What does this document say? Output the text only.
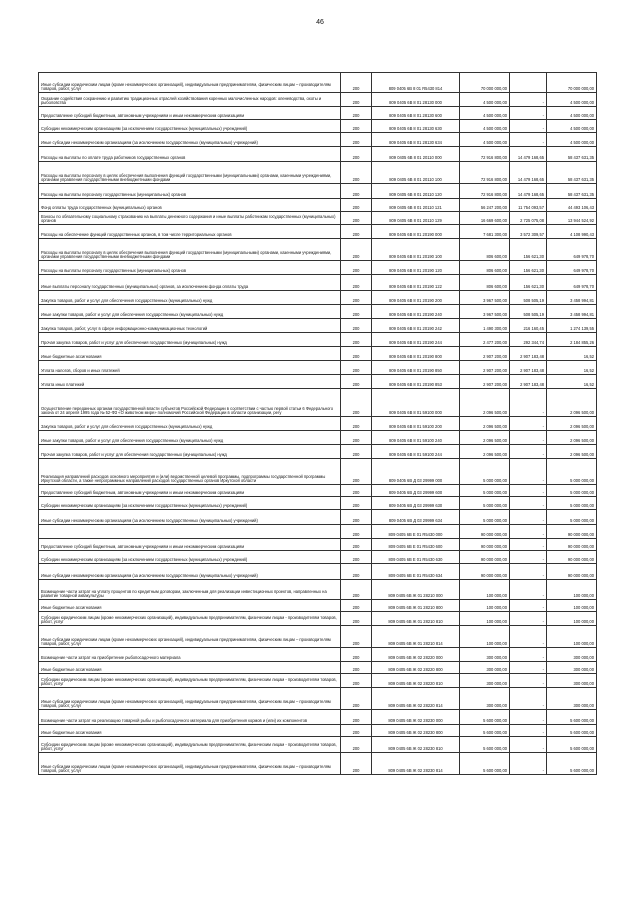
46
Иные субсидии юридическим лицам (кроме некоммерческих организаций), индивидуальным предпринимателям, физическим лицам – производителям товаров, работ, услуг	200	809 0405 6В 8 01 R5430 814	70 000 000,00		70 000 000,00
Оказание содействия сохранению и развитию традиционных отраслей хозяйствования коренных малочисленных народов: оленеводства, охоты и рыболовства	200	809 0405 6В 8 01 28130 000	4 500 000,00	-	4 500 000,00
Предоставление субсидий бюджетным, автономным учреждениям и иным некоммерческим организациям	200	809 0405 6В 8 01 28130 600	4 500 000,00	-	4 500 000,00
Субсидии некоммерческим организациям (за исключением государственных (муниципальных) учреждений)	200	809 0405 6В 8 01 28130 630	4 500 000,00	-	4 500 000,00
Иные субсидии некоммерческим организациям (за исключением государственных (муниципальных) учреждений)	200	809 0405 6В 8 01 28130 634	4 500 000,00	-	4 500 000,00
Расходы на выплаты по оплате труда работников государственных органов	200	809 0405 6В 8 01 20110 000	72 916 800,00	14 479 168,65	58 437 631,35
Расходы на выплаты персоналу в целях обеспечения выполнения функций государственными (муниципальными) органами, казенными учреждениями, органами управления государственными внебюджетными фондами	200	809 0405 6В 8 01 20110 100	72 916 800,00	14 479 168,65	58 437 631,35
Расходы на выплаты персоналу государственных (муниципальных) органов	200	809 0405 6В 8 01 20110 120	72 916 800,00	14 479 168,65	58 437 631,35
Фонд оплаты труда государственных (муниципальных) органов	200	809 0405 6В 8 01 20110 121	56 247 200,00	11 754 093,57	44 493 106,43
Взносы по обязательному социальному страхованию на выплаты денежного содержания и иные выплаты работникам государственных (муниципальных) органов	200	809 0405 6В 8 01 20110 129	16 669 600,00	2 725 075,08	13 944 524,92
Расходы на обеспечение функций государственных органов, в том числе территориальных органов	200	809 0405 6В 8 01 20190 000	7 681 300,00	3 572 309,57	4 108 990,43
Расходы на выплаты персоналу в целях обеспечения выполнения функций государственными (муниципальными) органами, казенными учреждениями, органами управления государственными внебюджетными фондами	200	809 0405 6В 8 01 20190 100	806 600,00	156 621,30	649 978,70
Расходы на выплаты персоналу государственных (муниципальных) органов	200	809 0405 6В 8 01 20190 120	806 600,00	156 621,30	649 978,70
Иные выплаты персоналу государственных (муниципальных) органов, за исключением фонда оплаты труда	200	809 0405 6В 8 01 20190 122	806 600,00	156 621,30	649 978,70
Закупка товаров, работ и услуг для обеспечения государственных (муниципальных) нужд	200	809 0405 6В 8 01 20190 200	3 967 500,00	508 505,19	3 458 994,81
Иные закупки товаров, работ и услуг для обеспечения государственных (муниципальных) нужд	200	809 0405 6В 8 01 20190 240	3 967 500,00	508 505,19	3 458 994,81
Закупка товаров, работ, услуг в сфере информационно-коммуникационных технологий	200	809 0405 6В 8 01 20190 242	1 490 300,00	216 160,45	1 274 139,55
Прочая закупка товаров, работ и услуг для обеспечения государственных (муниципальных) нужд	200	809 0405 6В 8 01 20190 244	2 477 200,00	292 344,74	2 184 855,26
Иные бюджетные ассигнования	200	809 0405 6В 8 01 20190 800	2 907 200,00	2 907 183,48	16,52
Уплата налогов, сборов и иных платежей	200	809 0405 6В 8 01 20190 850	2 907 200,00	2 907 183,48	16,52
Уплата иных платежей	200	809 0405 6В 8 01 20190 853	2 907 200,00	2 907 183,48	16,52
Осуществление переданных органам государственной власти субъектов Российской Федерации в соответствии с частью первой статьи 6 Федерального закона от 24 апреля 1995 года № 52-ФЗ «О животном мире» полномочий Российской Федерации в области организации, регу	200	809 0405 6В 8 01 59100 000	2 096 500,00	-	2 096 500,00
Закупка товаров, работ и услуг для обеспечения государственных (муниципальных) нужд	200	809 0405 6В 8 01 59100 200	2 096 500,00	-	2 096 500,00
Иные закупки товаров, работ и услуг для обеспечения государственных (муниципальных) нужд	200	809 0405 6В 8 01 59100 240	2 096 500,00	-	2 096 500,00
Прочая закупка товаров, работ и услуг для обеспечения государственных (муниципальных) нужд	200	809 0405 6В 8 01 59100 244	2 096 500,00	-	2 096 500,00
Реализация направлений расходов основного мероприятия и (или) ведомственной целевой программы, подпрограммы государственной программы Иркутской области, а также непрограммных направлений расходов государственных органов Иркутской области	200	809 0405 6В Д 03 29999 000	5 000 000,00	-	5 000 000,00
Предоставление субсидий бюджетным, автономным учреждениям и иным некоммерческим организациям	200	809 0405 6В Д 03 29999 600	5 000 000,00	-	5 000 000,00
Субсидии некоммерческим организациям (за исключением государственных (муниципальных) учреждений)	200	809 0405 6В Д 03 29999 630	5 000 000,00	-	5 000 000,00
Иные субсидии некоммерческим организациям (за исключением государственных (муниципальных) учреждений)	200	809 0405 6В Д 03 29999 634	5 000 000,00	-	5 000 000,00
	200	809 0405 6В Е 01 R5430 000	90 000 000,00	-	90 000 000,00
Предоставление субсидий бюджетным, автономным учреждениям и иным некоммерческим организациям	200	809 0405 6В Е 01 R5430 600	90 000 000,00	-	90 000 000,00
Субсидии некоммерческим организациям (за исключением государственных (муниципальных) учреждений)	200	809 0405 6В Е 01 R5430 630	90 000 000,00	-	90 000 000,00
Иные субсидии некоммерческим организациям (за исключением государственных (муниципальных) учреждений)	200	809 0405 6В Е 01 R5430 634	90 000 000,00	-	90 000 000,00
Возмещение части затрат на уплату процентов по кредитным договорам, заключенным для реализации инвестиционных проектов, направленных на развитие товарной аквакультуры	200	809 0405 6В Ж 01 28210 000	100 000,00	-	100 000,00
Иные бюджетные ассигнования	200	809 0405 6В Ж 01 28210 800	100 000,00	-	100 000,00
Субсидии юридическим лицам (кроме некоммерческих организаций), индивидуальным предпринимателям, физическим лицам - производителям товаров, работ, услуг	200	809 0405 6В Ж 01 28210 810	100 000,00	-	100 000,00
Иные субсидии юридическим лицам (кроме некоммерческих организаций), индивидуальным предпринимателям, физическим лицам – производителям товаров, работ, услуг	200	809 0405 6В Ж 01 28210 814	100 000,00	-	100 000,00
Возмещение части затрат на приобретение рыбопосадочного материала	200	809 0405 6В Ж 02 28220 000	300 000,00	-	300 000,00
Иные бюджетные ассигнования	200	809 0405 6В Ж 02 28220 800	300 000,00	-	300 000,00
Субсидии юридическим лицам (кроме некоммерческих организаций), индивидуальным предпринимателям, физическим лицам - производителям товаров, работ, услуг	200	809 0405 6В Ж 02 28220 810	300 000,00	-	300 000,00
Иные субсидии юридическим лицам (кроме некоммерческих организаций), индивидуальным предпринимателям, физическим лицам – производителям товаров, работ, услуг	200	809 0405 6В Ж 02 28220 814	300 000,00	-	300 000,00
Возмещение части затрат на реализацию товарной рыбы и рыбопосадочного материала для приобретения кормов и (или) их компонентов	200	809 0405 6В Ж 02 28230 000	5 600 000,00	-	5 600 000,00
Иные бюджетные ассигнования	200	809 0405 6В Ж 02 28230 800	5 600 000,00	-	5 600 000,00
Субсидии юридическим лицам (кроме некоммерческих организаций), индивидуальным предпринимателям, физическим лицам - производителям товаров, работ, услуг	200	809 0405 6В Ж 02 28230 810	5 600 000,00	-	5 600 000,00
Иные субсидии юридическим лицам (кроме некоммерческих организаций), индивидуальным предпринимателям, физическим лицам – производителям товаров, работ, услуг	200	809 0405 6В Ж 02 28230 814	5 600 000,00	-	5 600 000,00
